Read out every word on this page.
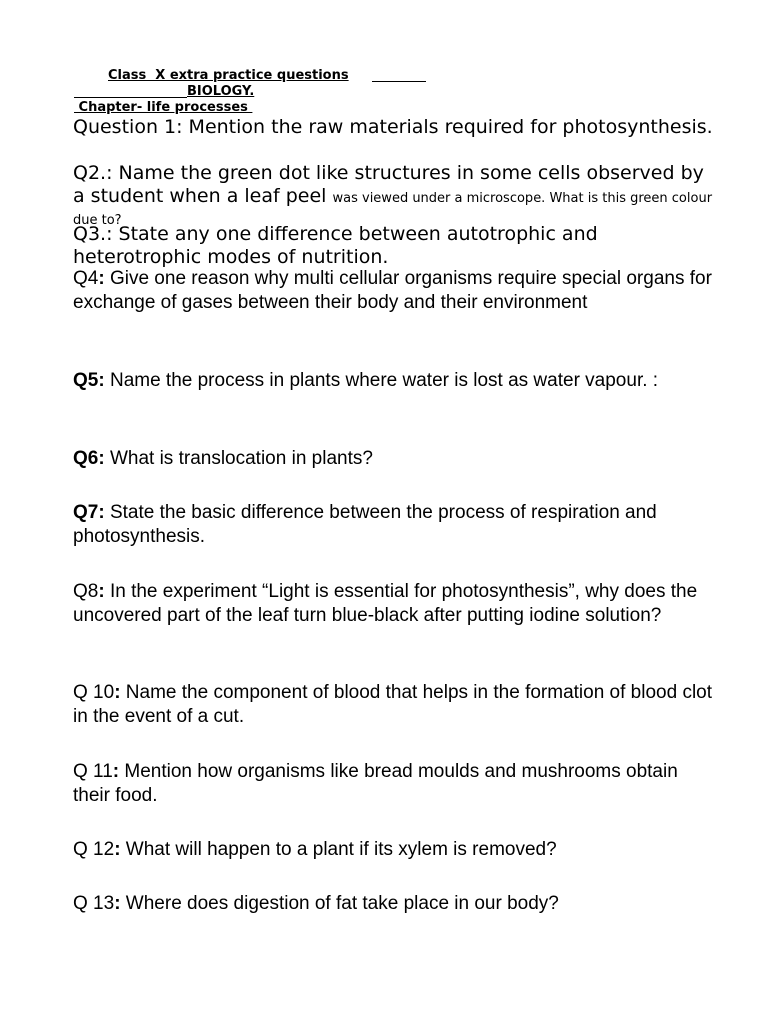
Class  X extra practice questions
BIOLOGY.
Chapter- life processes
Question 1: Mention the raw materials required for photosynthesis.
Q2.: Name the green dot like structures in some cells observed by a student when a leaf peel was viewed under a microscope. What is this green colour due to?
Q3.: State any one difference between autotrophic and heterotrophic modes of nutrition.
Q4: Give one reason why multi cellular organisms require special organs for exchange of gases between their body and their environment
Q5: Name the process in plants where water is lost as water vapour. :
Q6: What is translocation in plants?
Q7: State the basic difference between the process of respiration and photosynthesis.
Q8: In the experiment “Light is essential for photosynthesis”, why does the uncovered part of the leaf turn blue-black after putting iodine solution?
Q 10: Name the component of blood that helps in the formation of blood clot in the event of a cut.
Q 11: Mention how organisms like bread moulds and mushrooms obtain their food.
Q 12: What will happen to a plant if its xylem is removed?
Q 13: Where does digestion of fat take place in our body?
